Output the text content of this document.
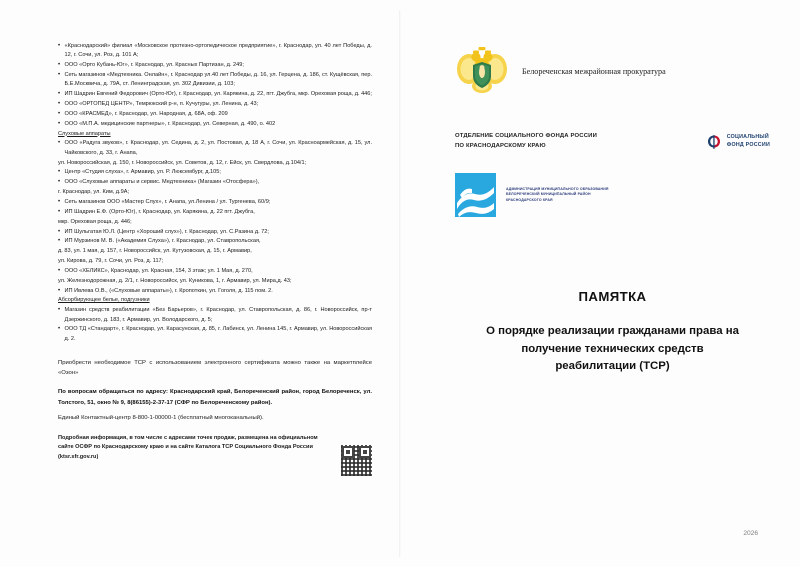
• «Краснодарский» филиал «Московское протезно-ортопедическое предприятие», г. Краснодар, ул. 40 лет Победы, д. 12, г. Сочи, ул. Роз, д. 101 А;
• ООО «Орто Кубань-Юг», г. Краснодар, ул. Красных Партизан, д. 249;
• Сеть магазинов «Медтехника. Онлайн», г. Краснодар ул.40 лет Победы, д. 16, ул. Герцена, д. 186, ст. Кущёвская, пер. Б.Е.Москвича, д. 79А, ст. Ленинградская, ул. 302 Дивизии, д. 103;
• ИП Шадрин Евгений Федорович (Орто-Юг), г. Краснодар, ул. Карякина, д. 22, пгт. Джубга, мкр. Ореховая роща, д. 446;
• ООО «ОРТОПЕД ЦЕНТР», Темрюкский р-н, п. Кучугуры, ул. Ленина, д. 43;
• ООО «КРАСМЕД», г. Краснодар, ул. Народная, д. 68А, оф. 209
• ООО «М.П.А. медицинские партнеры», г. Краснодар, ул. Северная, д. 490, о. 402
Слуховые аппараты
• ООО «Радуга звуков», г. Краснодар, ул. Седина, д. 2, ул. Постовая, д. 18 А, г. Сочи, ул. Красноармейская, д. 15, ул. Чайковского, д. 33, г. Анапа,
ул. Новороссийская, д. 150, г. Новороссийск, ул. Советов, д. 12, г. Ейск, ул. Свердлова, д.104/1;
• Центр «Студия слуха», г. Армавир, ул. Р. Люксембург, д.105;
• ООО «Слуховые аппараты и сервис. Медтехника» (Магазин «Отосфера»),
г. Краснодар, ул. Ким, д.9А;
• Сеть магазинов ООО «Мастер Слух», г. Анапа, ул.Ленина / ул. Тургенева, 60/9;
• ИП Шадрин Е.Ф. (Орто-Юг), г. Краснодар, ул. Карякина, д. 22 пгт. Джубга,
мкр. Ореховая роща, д. 446;
• ИП Шульгатая Ю.Л. (Центр «Хороший слух»), г. Краснодар, ул. С.Разина д. 72;
• ИП Мурзинов М. В. («Академия Слуха»), г. Краснодар, ул. Ставропольская,
д. 83, ул. 1 мая, д. 157, г. Новороссийск, ул. Кутузовская, д. 15, г. Армавир,
ул. Кирова, д. 79, г. Сочи, ул. Роз, д. 117;
• ООО «ХЕЛИКС», Краснодар, ул. Красная, 154, 3 этаж; ул. 1 Мая, д. 270,
ул. Железнодорожная, д. 2/1, г. Новороссийск, ул. Куникова, 1, г. Армавир, ул. Мира,д. 43;
• ИП Ивлева О.В., («Слуховые аппараты»), г. Кропоткин, ул. Гоголя, д. 115 пом. 2.
Абсорбирующее белье, подгузники
• Магазин средств реабилитации «Без Барьеров», г. Краснодар, ул. Ставропольская, д. 86, г. Новороссийск, пр-т Дзержинского, д. 183, г. Армавир, ул. Володарского, д. 5;
• ООО ТД «Стандарт», г. Краснодар, ул. Карасунская, д. 85, г. Лабинск, ул. Ленина 145, г. Армавир, ул. Новороссийская д. 2.

Приобрести необходимое ТСР с использованием электронного сертификата можно также на маркетплейсе «Озон»

По вопросам обращаться по адресу: Краснодарский край, Белореченский район, город Белореченск, ул. Толстого, 51, окно № 9, 8(86155)-2-37-17 (СФР по Белореченскому район).

Единый Контактный-центр 8-800-1-00000-1 (бесплатный многоканальный).

Подробная информация, в том числе с адресами точек продаж, размещена на официальном сайте ОСФР по Краснодарскому краю и на сайте Каталога ТСР Социального Фонда России (ktsr.sfr.gov.ru)
Белореченская межрайонная прокуратура
ОТДЕЛЕНИЕ СОЦИАЛЬНОГО ФОНДА РОССИИ
ПО КРАСНОДАРСКОМУ КРАЮ
СОЦИАЛЬНЫЙ
ФОНД РОССИИ
АДМИНИСТРАЦИЯ МУНИЦИПАЛЬНОГО ОБРАЗОВАНИЯ
БЕЛОРЕЧЕНСКИЙ МУНИЦИПАЛЬНЫЙ РАЙОН
КРАСНОДАРСКОГО КРАЯ
ПАМЯТКА
О порядке реализации гражданами права на
получение технических средств
реабилитации (ТСР)
2026
